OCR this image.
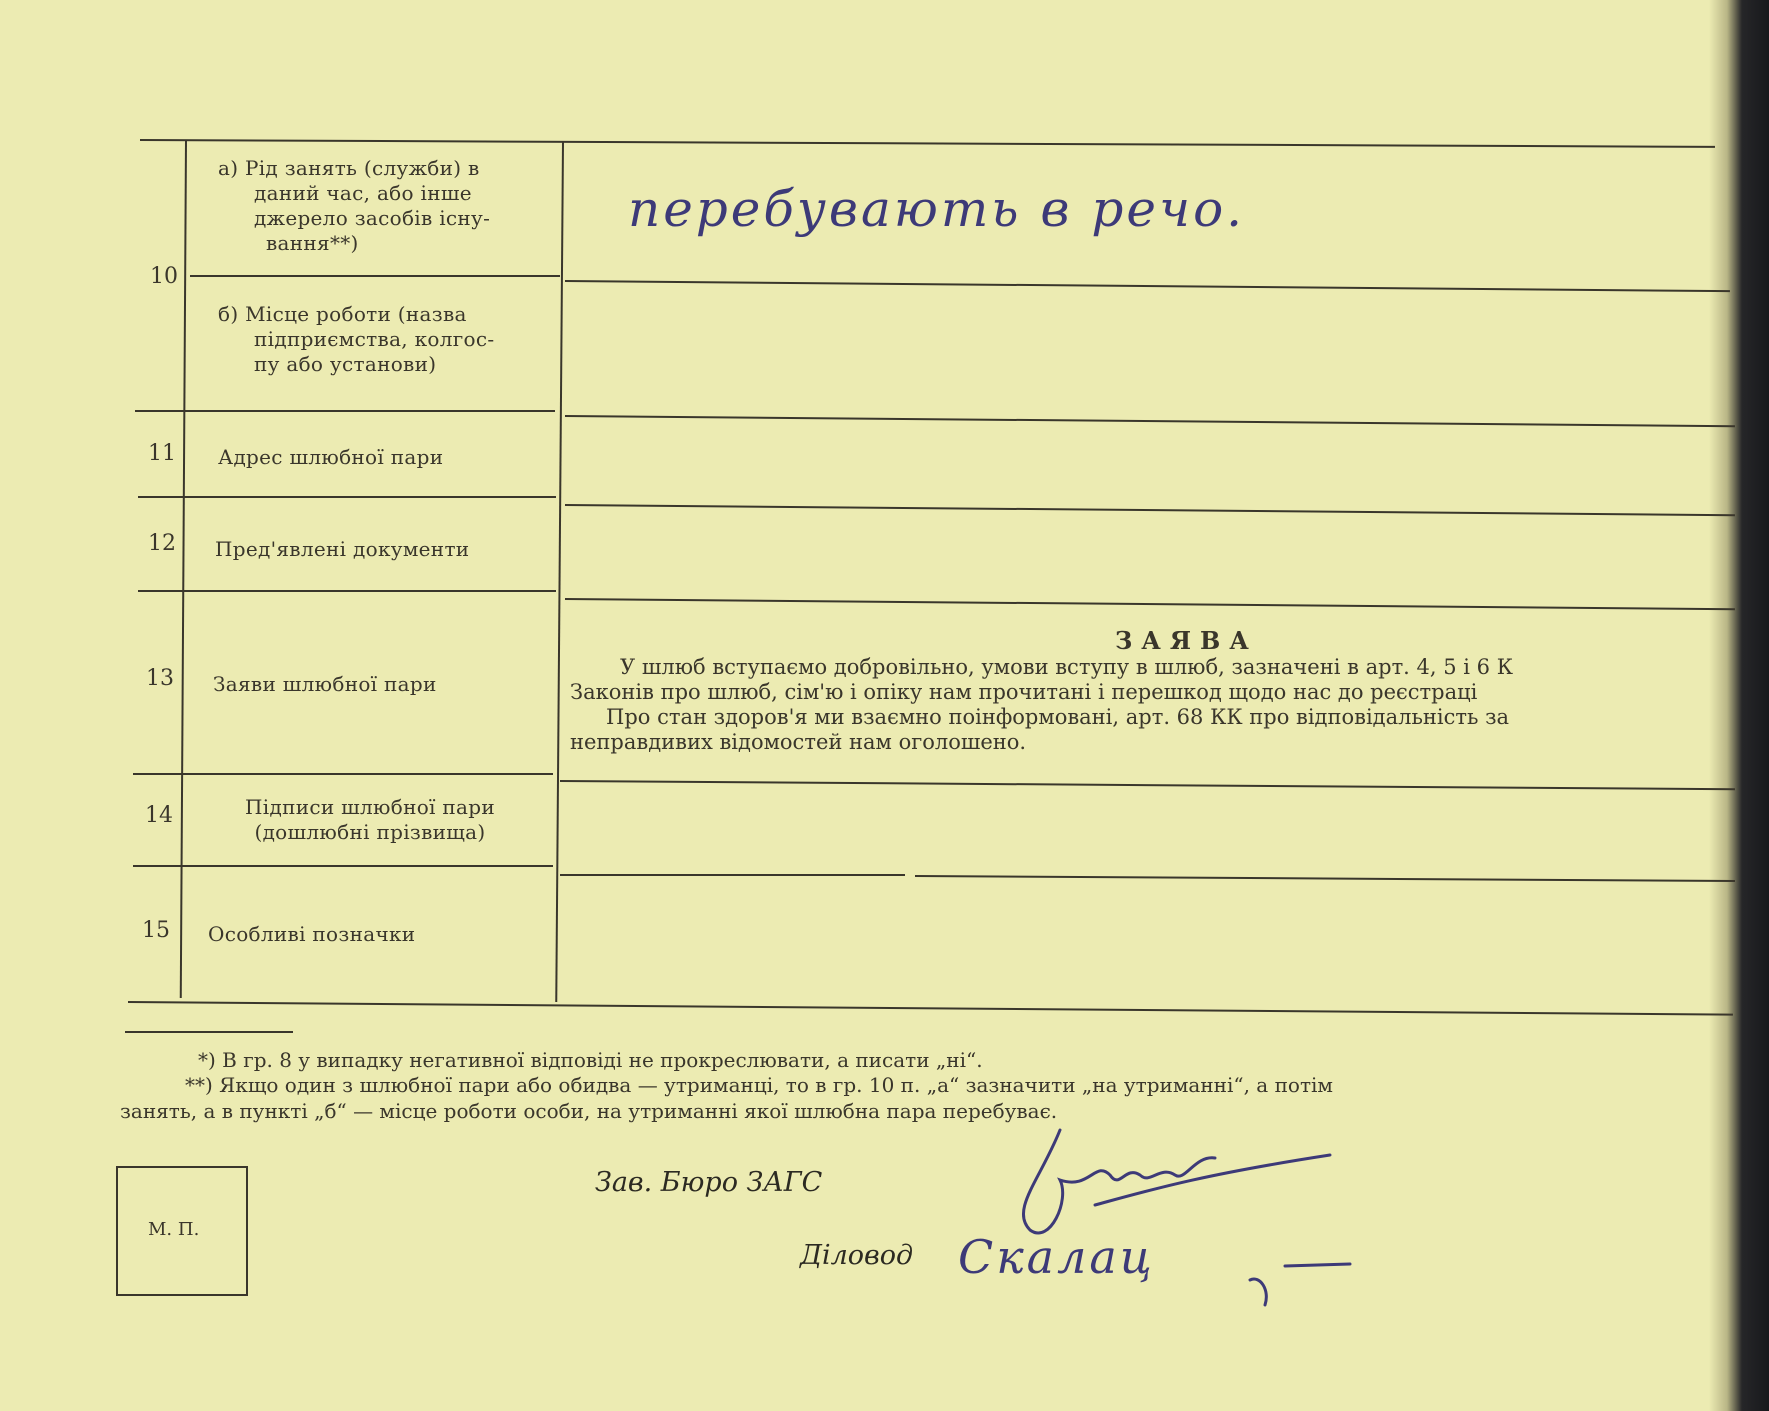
10
11
12
13
14
15
а) Рід занять (служби) в
даний час, або інше
джерело засобів існу-
вання**)
перебувають в речо.
б) Місце роботи (назва
підприємства, колгос-
пу або установи)
Адрес шлюбної пари
Пред'явлені документи
Заяви шлюбної пари
Підписи шлюбної пари
(дошлюбні прізвища)
Особливі позначки
ЗАЯВА
У шлюб вступаємо добровільно, умови вступу в шлюб, зазначені в арт. 4, 5 і 6 К
Законів про шлюб, сім'ю і опіку нам прочитані і перешкод щодо нас до реєстраці
Про стан здоров'я ми взаємно поінформовані, арт. 68 КК про відповідальність за
неправдивих відомостей нам оголошено.
*) В гр. 8 у випадку негативної відповіді не прокреслювати, а писати „ні“.
**) Якщо один з шлюбної пари або обидва — утриманці, то в гр. 10 п. „а“ зазначити „на утриманні“, а потім
занять, а в пункті „б“ — місце роботи особи, на утриманні якої шлюбна пара перебуває.
М. П.
Зав. Бюро ЗАГС
Діловод Скалац
